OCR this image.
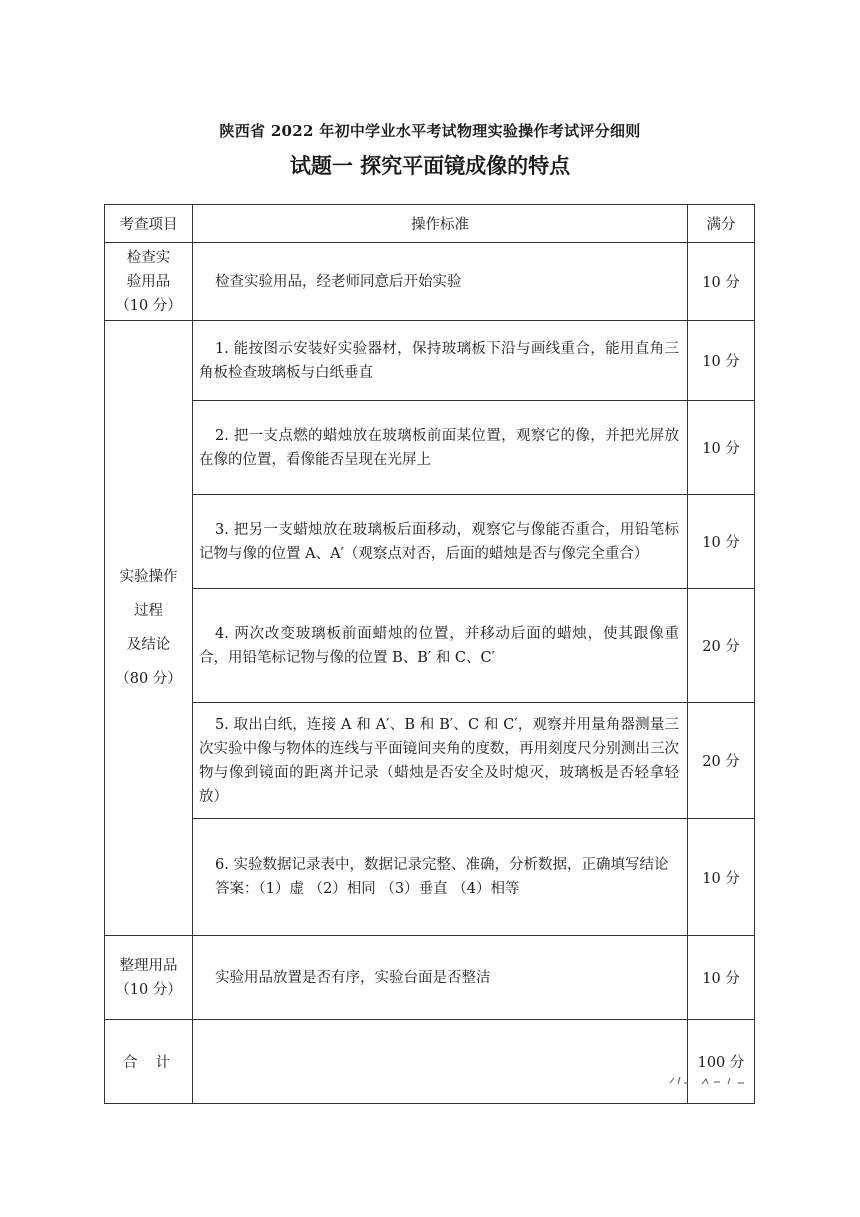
陕西省 2022 年初中学业水平考试物理实验操作考试评分细则
试题一 探究平面镜成像的特点
考查项目	操作标准	满分

检查实
验用品
（10 分）	检查实验用品，经老师同意后开始实验	10 分

实验操作
过程
及结论
（80 分）	1. 能按图示安装好实验器材，保持玻璃板下沿与画线重合，能用直角三角板检查玻璃板与白纸垂直	10 分
	2. 把一支点燃的蜡烛放在玻璃板前面某位置，观察它的像，并把光屏放在像的位置，看像能否呈现在光屏上	10 分
	3. 把另一支蜡烛放在玻璃板后面移动，观察它与像能否重合，用铅笔标记物与像的位置 A、A′（观察点对否，后面的蜡烛是否与像完全重合）	10 分
	4. 两次改变玻璃板前面蜡烛的位置，并移动后面的蜡烛，使其跟像重合，用铅笔标记物与像的位置 B、B′ 和 C、C′	20 分
	5. 取出白纸，连接 A 和 A′、B 和 B′、C 和 C′，观察并用量角器测量三次实验中像与物体的连线与平面镜间夹角的度数，再用刻度尺分别测出三次物与像到镜面的距离并记录（蜡烛是否安全及时熄灭，玻璃板是否轻拿轻放）	20 分
	6. 实验数据记录表中，数据记录完整、准确，分析数据，正确填写结论
答案：（1）虚 （2）相同 （3）垂直 （4）相等	10 分

整理用品
（10 分）	实验用品放置是否有序，实验台面是否整洁	10 分
合计		100 分
